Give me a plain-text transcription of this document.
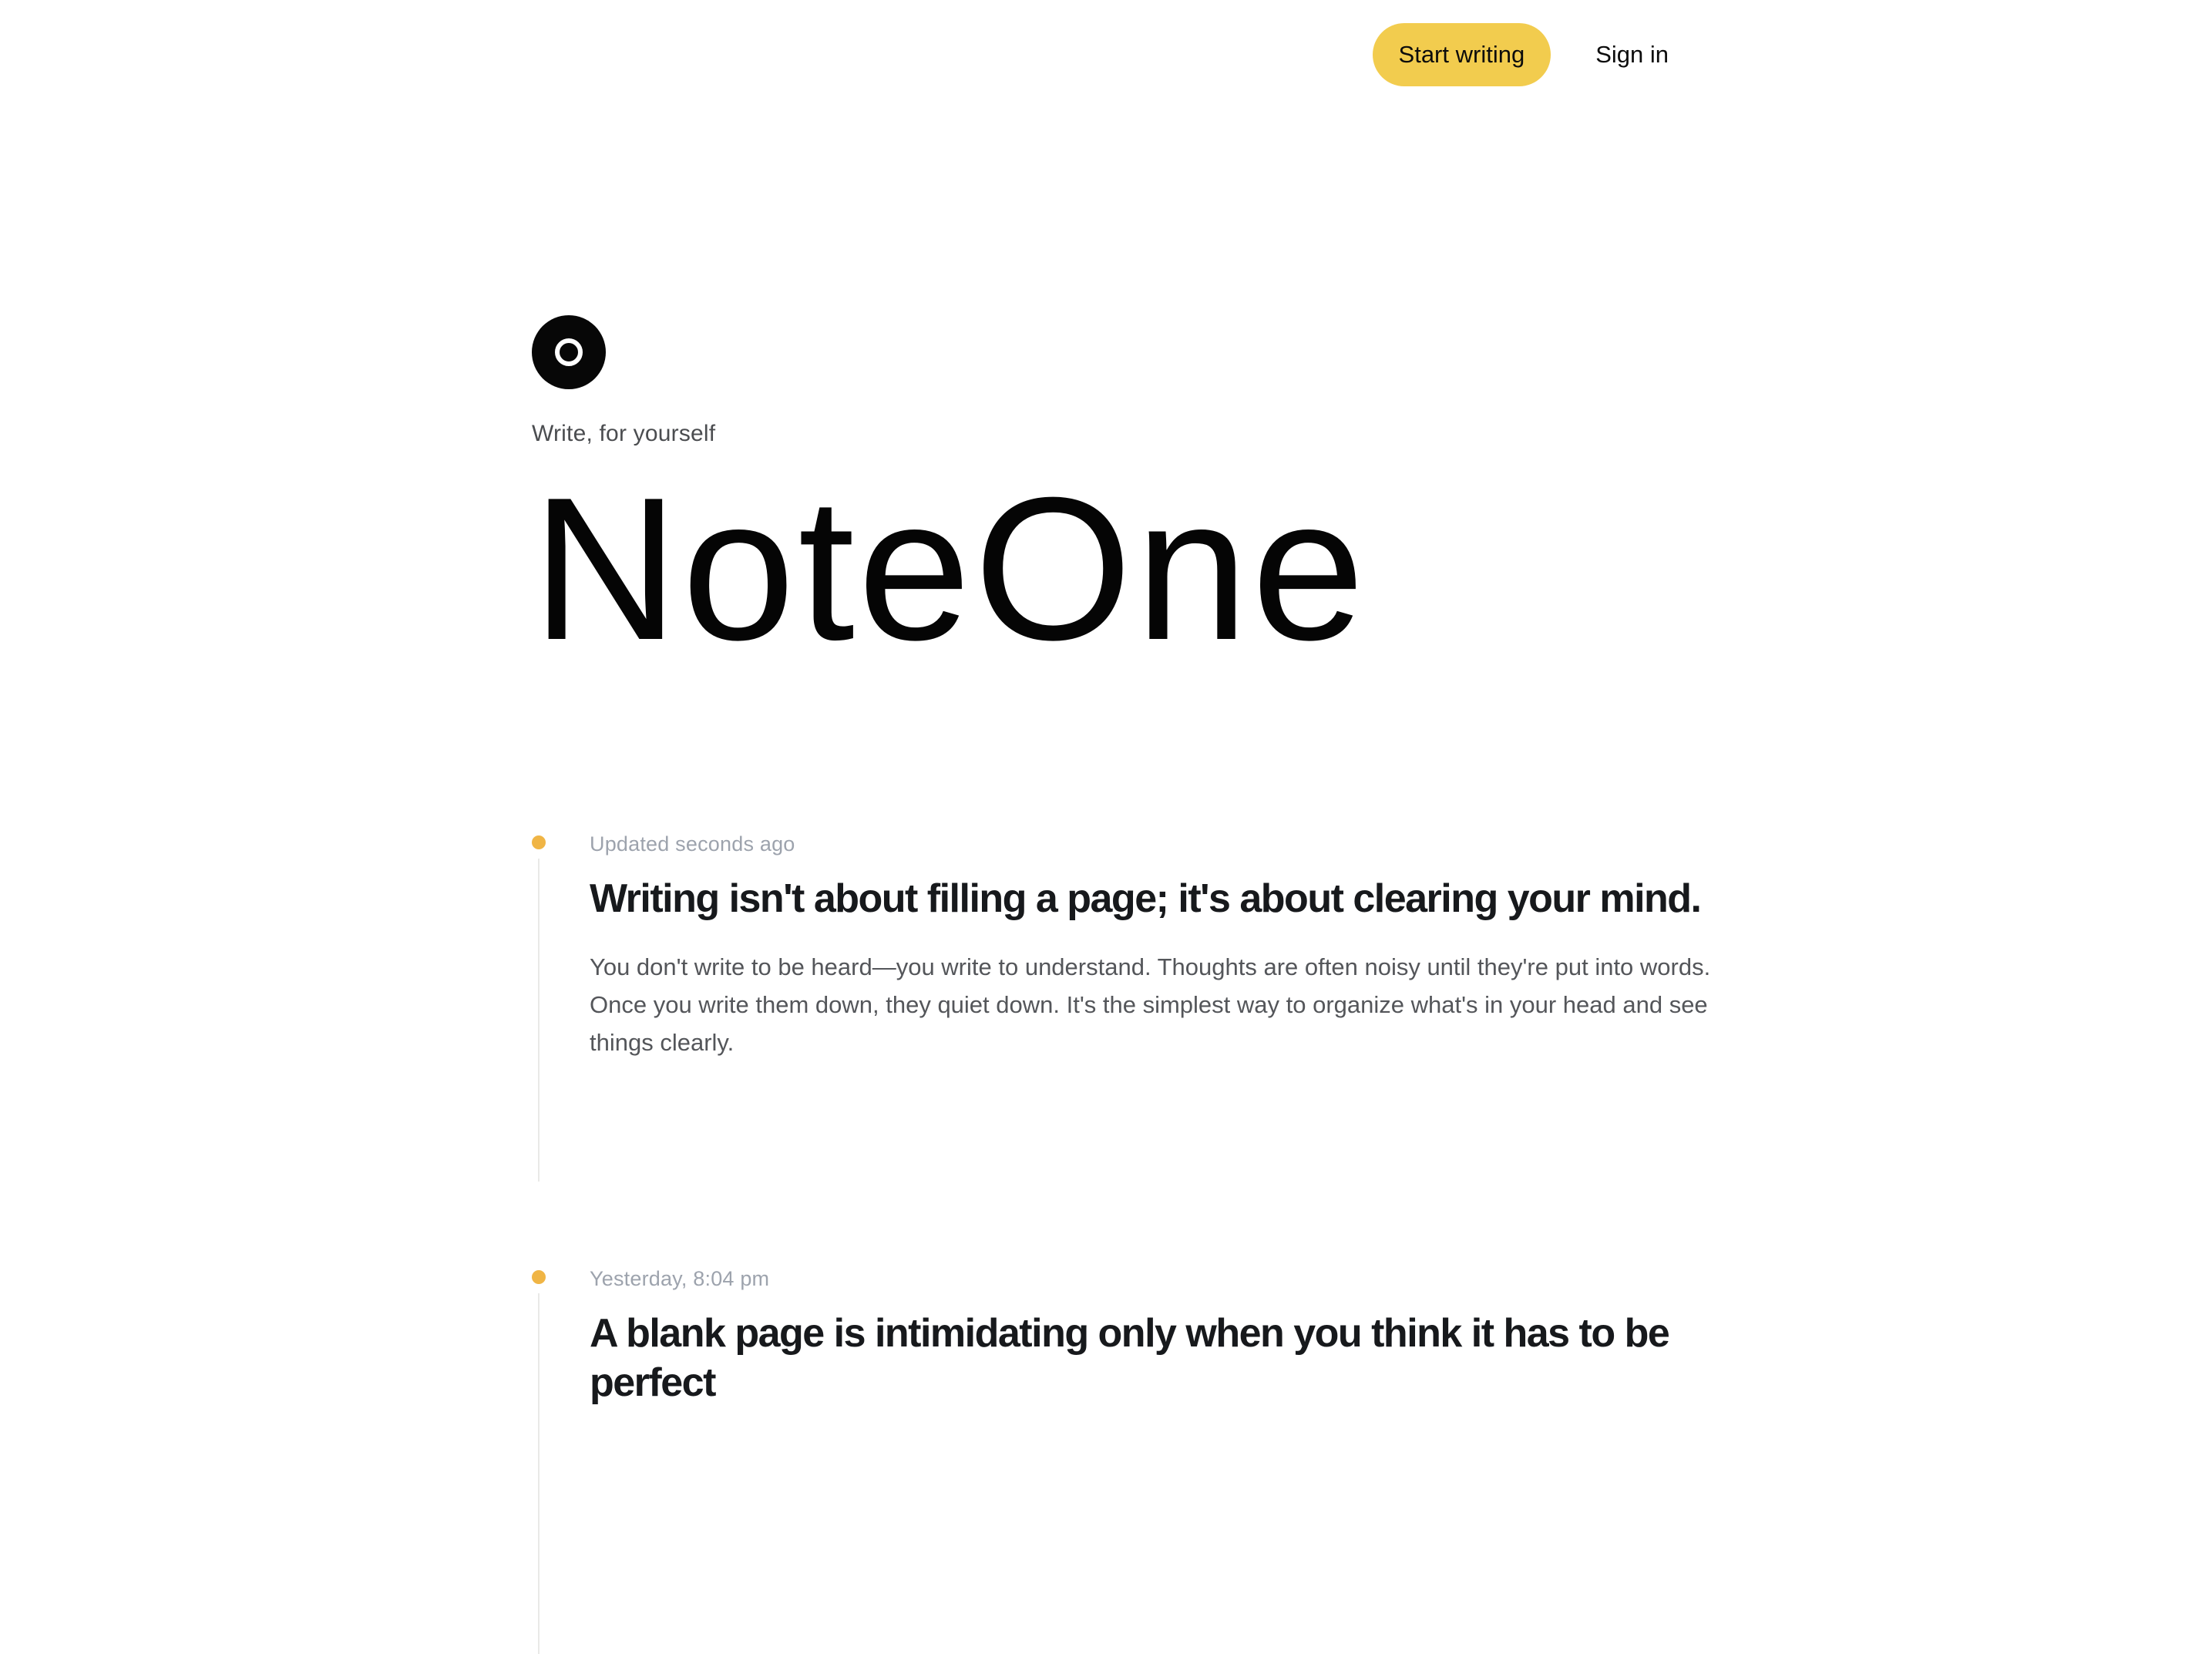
Start writing	Sign in
Write, for yourself
NoteOne
Updated seconds ago
Writing isn't about filling a page; it's about clearing your mind.

You don't write to be heard—you write to understand. Thoughts are often noisy until they're put into words. Once you write them down, they quiet down. It's the simplest way to organize what's in your head and see things clearly.

Yesterday, 8:04 pm
A blank page is intimidating only when you think it has to be perfect
